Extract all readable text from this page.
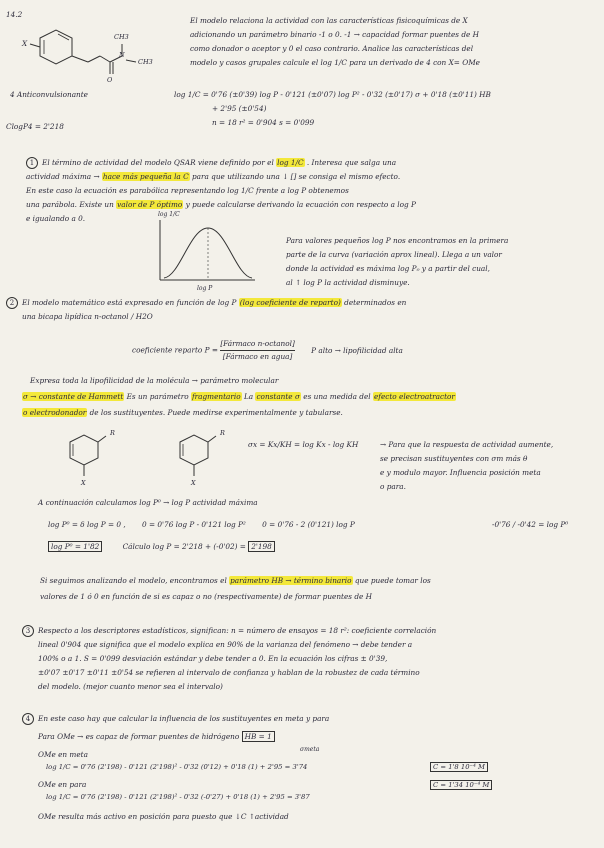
14.2
X
CH3
N
CH3
O
4 Anticonvulsionante
ClogP4 = 2'218
El modelo relaciona la actividad con las características fisicoquímicas de X
adicionando un parámetro binario -1 o 0. -1 → capacidad formar puentes de H
como donador o aceptor y 0 el caso contrario. Analice las características del
modelo y casos grupales calcule el log 1/C para un derivado de 4 con X= OMe
log 1/C = 0'76 (±0'39) log P - 0'121 (±0'07) log P² - 0'32 (±0'17) σ + 0'18 (±0'11) HB
+ 2'95 (±0'54)
n = 18 r² = 0'904 s = 0'099
1	El término de actividad del modelo QSAR viene definido por el log 1/C . Interesa que salga una
actividad máxima → hace más pequeña la C para que utilizando una ↓ [] se consiga el mismo efecto.
En este caso la ecuación es parabólica representando log 1/C frente a log P obtenemos
una parábola. Existe un valor de P óptimo y puede calcularse derivando la ecuación con respecto a log P
e igualando a 0.	log 1/C
log P
Para valores pequeños log P nos encontramos en la primera
parte de la curva (variación aprox lineal). Llega a un valor
donde la actividad es máxima log P₀ y a partir del cual,
al ↑ log P la actividad disminuye.
2	El modelo matemático está expresado en función de log P (log coeficiente de reparto) determinados en
una bicapa lipídica n-octanol / H2O
coeficiente reparto $P = \frac{\text{[Fármaco n-octanol]}}{\text{[Fármaco en agua]}}$ P alto → lipofilicidad alta
Expresa toda la lipofilicidad de la molécula → parámetro molecular
σ → constante de Hammett Es un parámetro fragmentario La constante σ es una medida del efecto electroatractor
o electrodonador de los sustituyentes. Puede medirse experimentalmente y tabularse.
R
X
R
X
σx = Kx/KH = log Kx - log KH	→ Para que la respuesta de actividad aumente,
se precisan sustituyentes con σm más θ
e y modulo mayor. Influencia posición meta
o para.
A continuación calculamos log P⁰ → log P actividad máxima
log P⁰ = δ log P = 0 , 0 = 0'76 log P - 0'121 log P² 0 = 0'76 - 2 (0'121) log P	-0'76 / -0'42 = log P⁰
log P⁰ = 1'82	Cálculo log P = 2'218 + (-0'02) = 2'198
Si seguimos analizando el modelo, encontramos el parámetro HB → término binario que puede tomar los
valores de 1 ó 0 en función de si es capaz o no (respectivamente) de formar puentes de H
3	Respecto a los descriptores estadísticos, significan: n = número de ensayos = 18 r²: coeficiente correlación
lineal 0'904 que significa que el modelo explica en 90% de la varianza del fenómeno → debe tender a
100% o a 1. S = 0'099 desviación estándar y debe tender a 0. En la ecuación los cifras ± 0'39,
±0'07 ±0'17 ±0'11 ±0'54 se refieren al intervalo de confianza y hablan de la robustez de cada término
del modelo. (mejor cuanto menor sea el intervalo)
4	En este caso hay que calcular la influencia de los sustituyentes en meta y para
Para OMe → es capaz de formar puentes de hidrógeno HB = 1
OMe en meta
σmeta
log 1/C = 0'76 (2'198) - 0'121 (2'198)² - 0'32 (0'12) + 0'18 (1) + 2'95 = 3'74	C = 1'8 10⁻⁴ M
OMe en para
log 1/C = 0'76 (2'198) - 0'121 (2'198)² - 0'32 (-0'27) + 0'18 (1) + 2'95 = 3'87
C = 1'34 10⁻⁴ M
OMe resulta más activo en posición para puesto que ↓C ↑actividad
